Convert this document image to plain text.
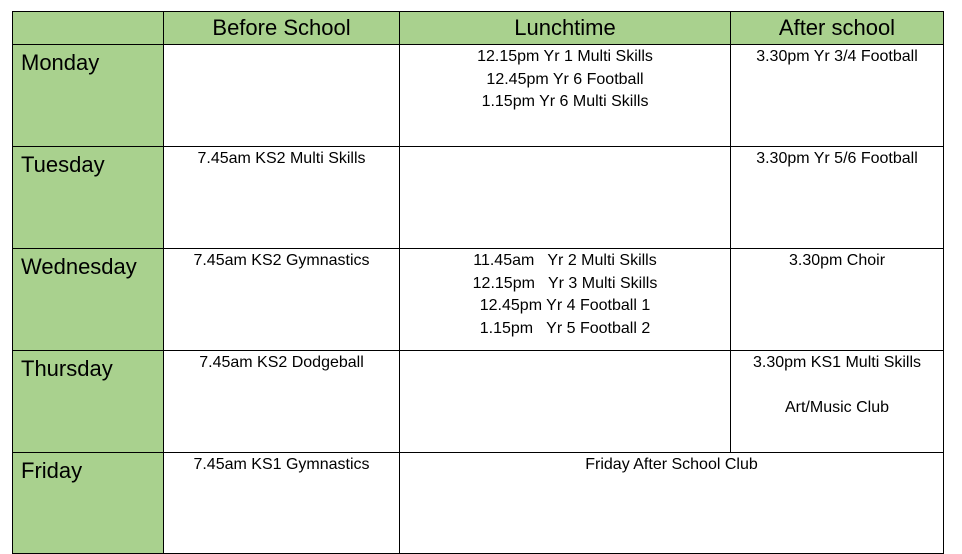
	Before School	Lunchtime	After school
Monday		12.15pm Yr 1 Multi Skills
12.45pm Yr 6 Football
1.15pm Yr 6 Multi Skills	3.30pm Yr 3/4 Football

Tuesday	7.45am KS2 Multi Skills		3.30pm Yr 5/6 Football

Wednesday	7.45am KS2 Gymnastics	11.45am   Yr 2 Multi Skills
12.15pm   Yr 3 Multi Skills
12.45pm Yr 4 Football 1
1.15pm   Yr 5 Football 2	3.30pm Choir

Thursday	7.45am KS2 Dodgeball		3.30pm KS1 Multi Skills
Art/Music Club

Friday	7.45am KS1 Gymnastics	Friday After School Club	
